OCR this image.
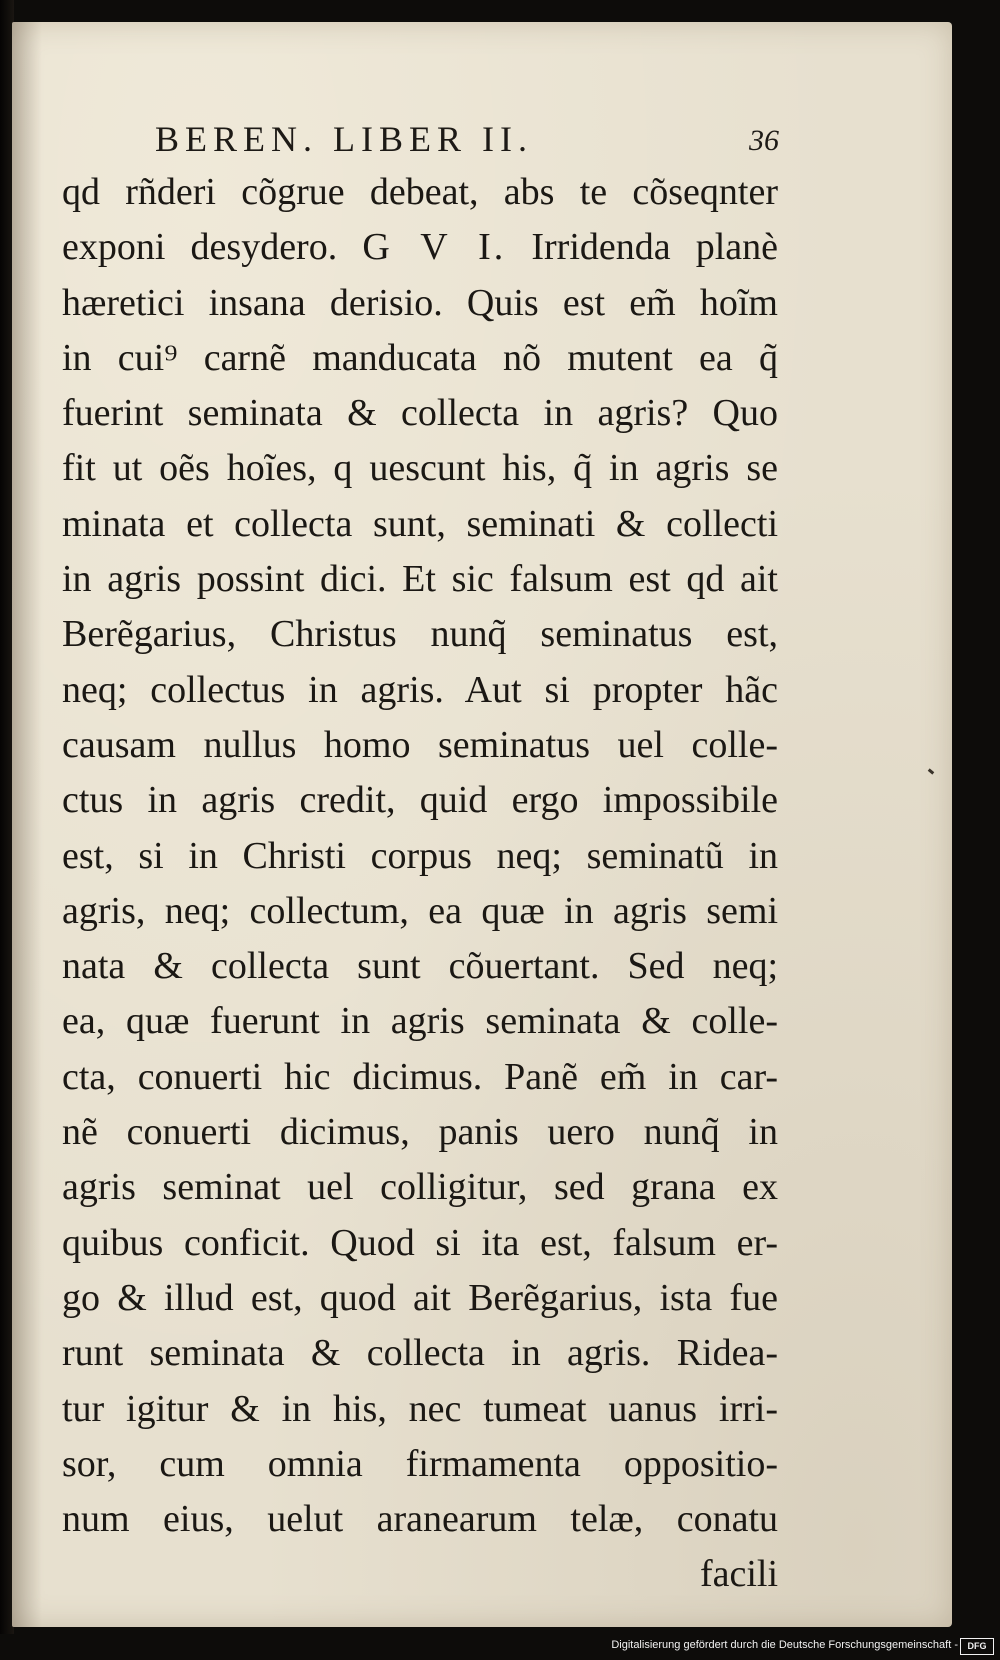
BEREN. LIBER II.	36
qd rñderi cõgrue debeat, abs te cõseqnter
exponi desydero. G V I. Irridenda planè
hæretici insana derisio. Quis est em̃ hoĩm
in cui⁹ carnẽ manducata nõ mutent ea q̃
fuerint seminata & collecta in agris? Quo
fit ut oẽs hoĩes, q uescunt his, q̃ in agris se
minata et collecta sunt, seminati & collecti
in agris possint dici. Et sic falsum est qd ait
Berẽgarius, Christus nunq̃ seminatus est,
neq; collectus in agris. Aut si propter hãc
causam nullus homo seminatus uel colle-
ctus in agris credit, quid ergo impossibile
est, si in Christi corpus neq; seminatũ in
agris, neq; collectum, ea quæ in agris semi
nata & collecta sunt cõuertant. Sed neq;
ea, quæ fuerunt in agris seminata & colle-
cta, conuerti hic dicimus. Panẽ em̃ in car-
nẽ conuerti dicimus, panis uero nunq̃ in
agris seminat uel colligitur, sed grana ex
quibus conficit. Quod si ita est, falsum er-
go & illud est, quod ait Berẽgarius, ista fue
runt seminata & collecta in agris. Ridea-
tur igitur & in his, nec tumeat uanus irri-
sor, cum omnia firmamenta oppositio-
num eius, uelut aranearum telæ, conatu
facili
Digitalisierung gefördert durch die Deutsche Forschungsgemeinschaft -	DFG
